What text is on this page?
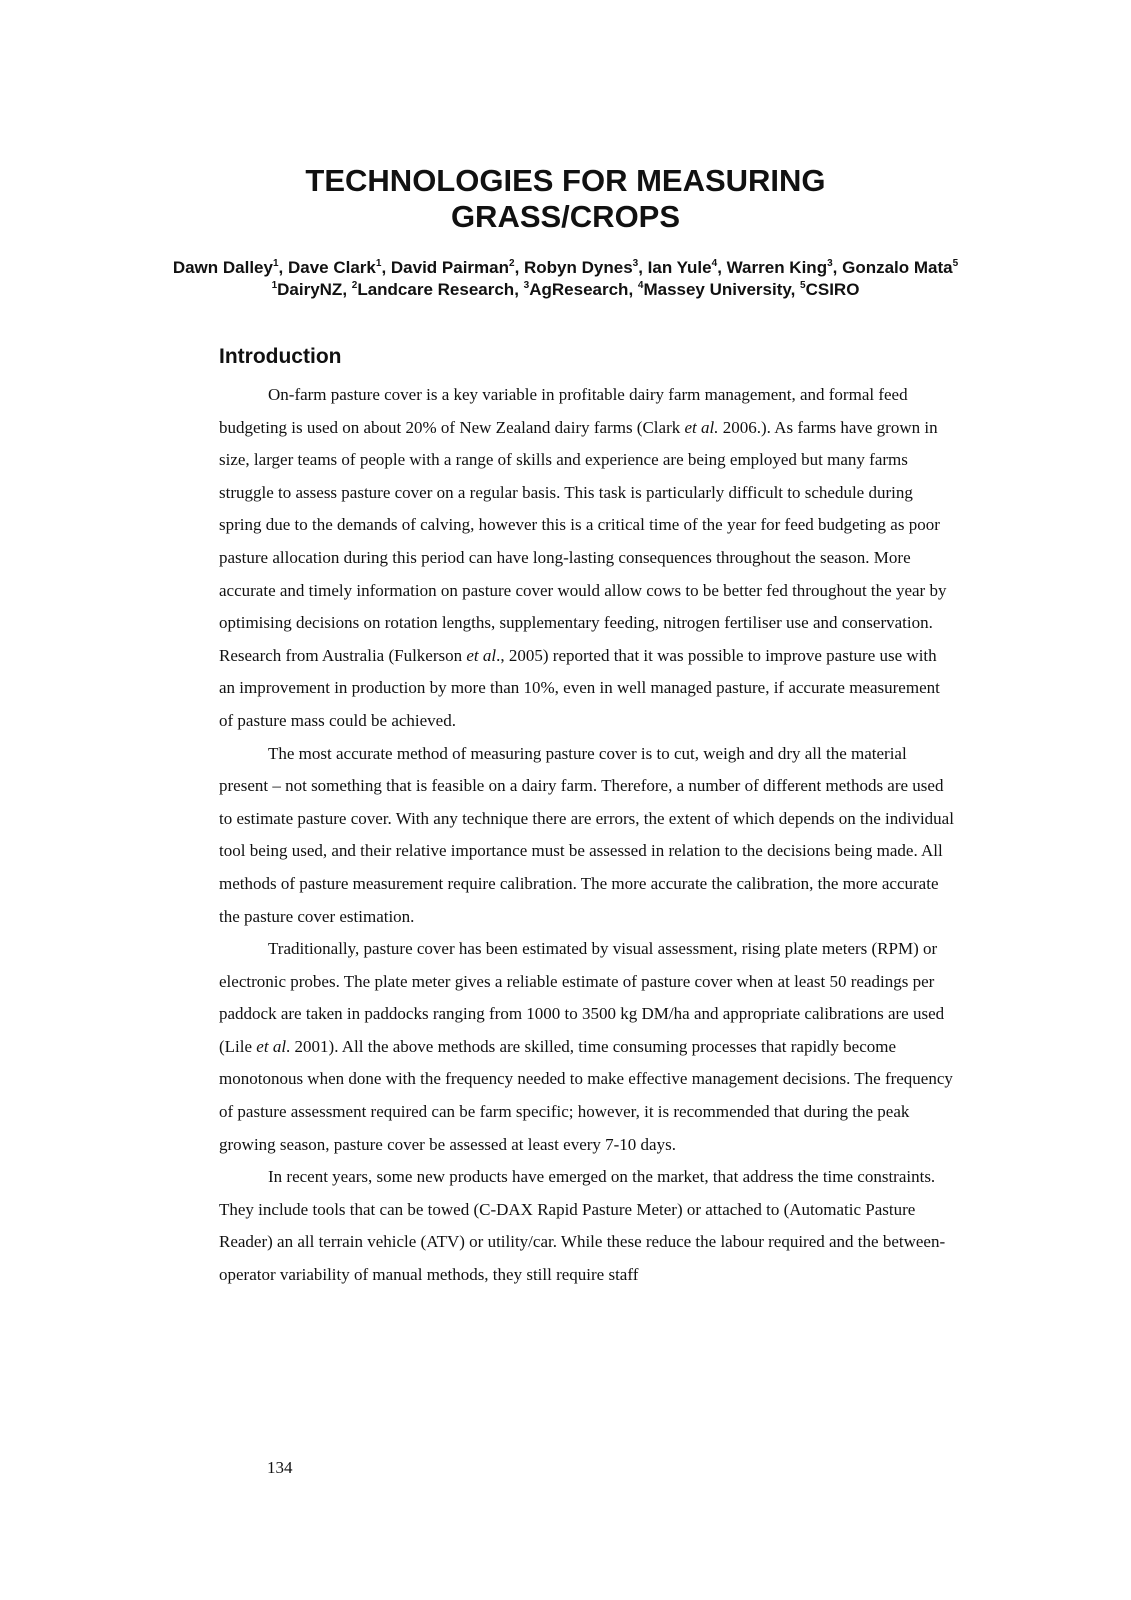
TECHNOLOGIES FOR MEASURING
GRASS/CROPS
Dawn Dalley$^1$, Dave Clark$^1$, David Pairman$^2$, Robyn Dynes$^3$, Ian Yule$^4$, Warren King$^3$, Gonzalo Mata$^5$
$^1$DairyNZ, $^2$Landcare Research, $^3$AgResearch, $^4$Massey University, $^5$CSIRO
Introduction

On-farm pasture cover is a key variable in profitable dairy farm management, and formal feed budgeting is used on about 20% of New Zealand dairy farms (Clark et al. 2006.). As farms have grown in size, larger teams of people with a range of skills and experience are being employed but many farms struggle to assess pasture cover on a regular basis. This task is particularly difficult to schedule during spring due to the demands of calving, however this is a critical time of the year for feed budgeting as poor pasture allocation during this period can have long-lasting consequences throughout the season. More accurate and timely information on pasture cover would allow cows to be better fed throughout the year by optimising decisions on rotation lengths, supplementary feeding, nitrogen fertiliser use and conservation. Research from Australia (Fulkerson et al., 2005) reported that it was possible to improve pasture use with an improvement in production by more than 10%, even in well managed pasture, if accurate measurement of pasture mass could be achieved.

The most accurate method of measuring pasture cover is to cut, weigh and dry all the material present – not something that is feasible on a dairy farm. Therefore, a number of different methods are used to estimate pasture cover. With any technique there are errors, the extent of which depends on the individual tool being used, and their relative importance must be assessed in relation to the decisions being made. All methods of pasture measurement require calibration. The more accurate the calibration, the more accurate the pasture cover estimation.

Traditionally, pasture cover has been estimated by visual assessment, rising plate meters (RPM) or electronic probes. The plate meter gives a reliable estimate of pasture cover when at least 50 readings per paddock are taken in paddocks ranging from 1000 to 3500 kg DM/ha and appropriate calibrations are used (Lile et al. 2001). All the above methods are skilled, time consuming processes that rapidly become monotonous when done with the frequency needed to make effective management decisions. The frequency of pasture assessment required can be farm specific; however, it is recommended that during the peak growing season, pasture cover be assessed at least every 7-10 days.

In recent years, some new products have emerged on the market, that address the time constraints. They include tools that can be towed (C-DAX Rapid Pasture Meter) or attached to (Automatic Pasture Reader) an all terrain vehicle (ATV) or utility/car. While these reduce the labour required and the between-operator variability of manual methods, they still require staff

134
